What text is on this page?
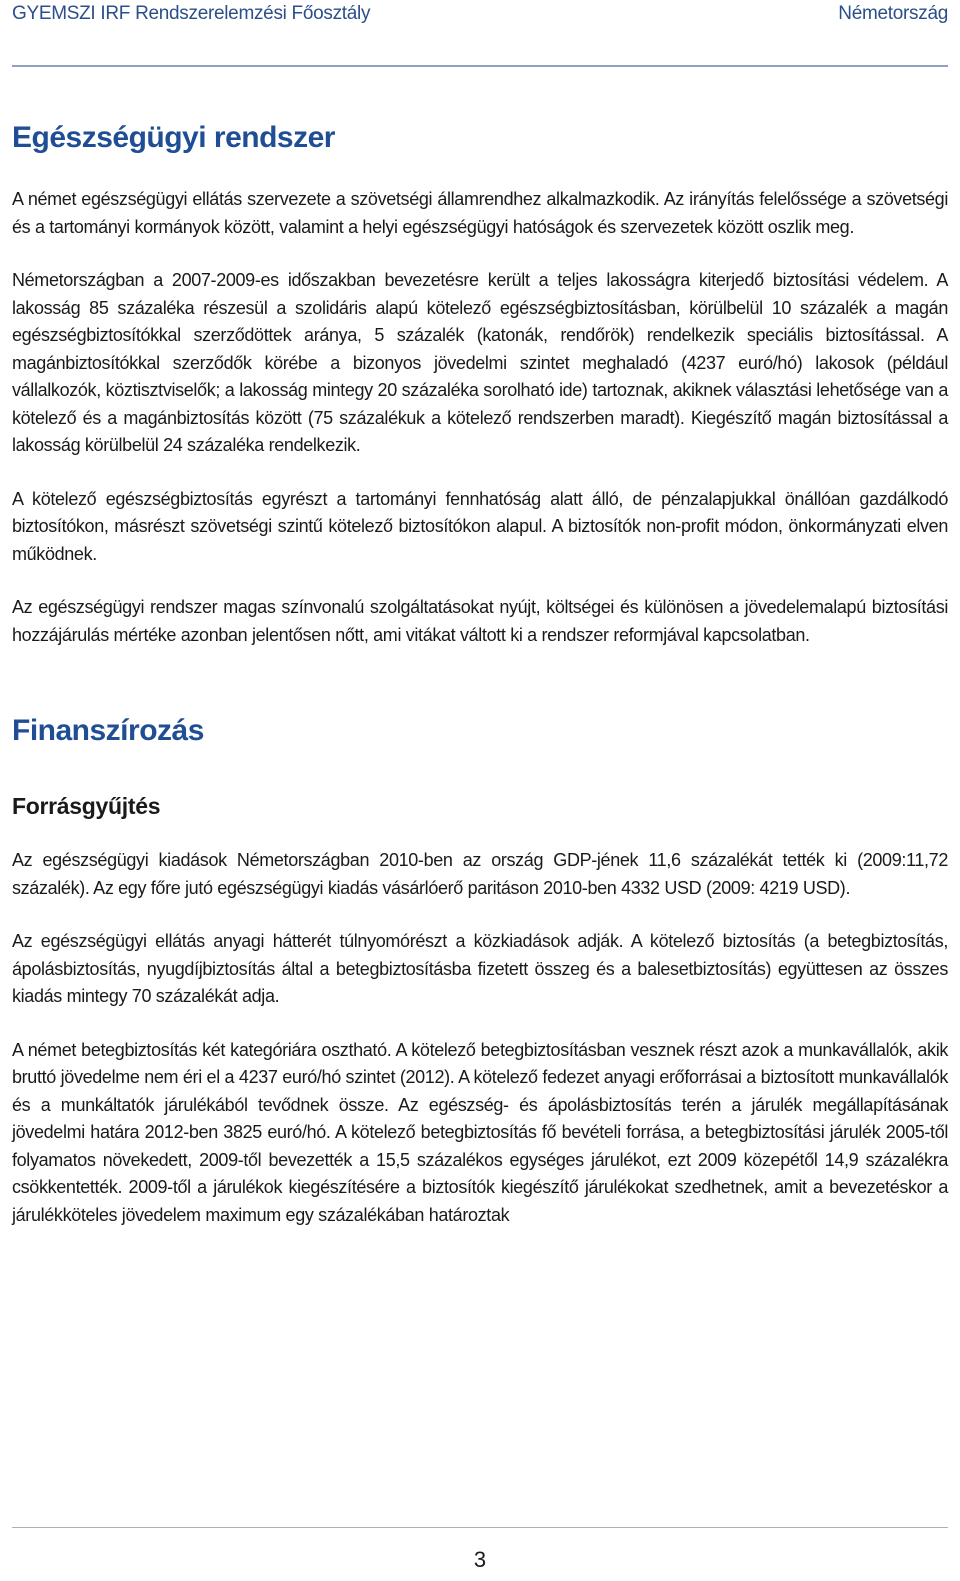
GYEMSZI IRF Rendszerelemzési Főosztály	Németország
Egészségügyi rendszer

A német egészségügyi ellátás szervezete a szövetségi államrendhez alkalmazkodik. Az irányítás felelőssége a szövetségi és a tartományi kormányok között, valamint a helyi egészségügyi hatóságok és szervezetek között oszlik meg.

Németországban a 2007-2009-es időszakban bevezetésre került a teljes lakosságra kiterjedő biztosítási védelem. A lakosság 85 százaléka részesül a szolidáris alapú kötelező egészségbiztosításban, körülbelül 10 százalék a magán egészségbiztosítókkal szerződöttek aránya, 5 százalék (katonák, rendőrök) rendelkezik speciális biztosítással. A magánbiztosítókkal szerződők körébe a bizonyos jövedelmi szintet meghaladó (4237 euró/hó) lakosok (például vállalkozók, köztisztviselők; a lakosság mintegy 20 százaléka sorolható ide) tartoznak, akiknek választási lehetősége van a kötelező és a magánbiztosítás között (75 százalékuk a kötelező rendszerben maradt). Kiegészítő magán biztosítással a lakosság körülbelül 24 százaléka rendelkezik.

A kötelező egészségbiztosítás egyrészt a tartományi fennhatóság alatt álló, de pénzalapjukkal önállóan gazdálkodó biztosítókon, másrészt szövetségi szintű kötelező biztosítókon alapul. A biztosítók non-profit módon, önkormányzati elven működnek.

Az egészségügyi rendszer magas színvonalú szolgáltatásokat nyújt, költségei és különösen a jövedelemalapú biztosítási hozzájárulás mértéke azonban jelentősen nőtt, ami vitákat váltott ki a rendszer reformjával kapcsolatban.

Finanszírozás
Forrásgyűjtés

Az egészségügyi kiadások Németországban 2010-ben az ország GDP-jének 11,6 százalékát tették ki (2009:11,72 százalék). Az egy főre jutó egészségügyi kiadás vásárlóerő paritáson 2010-ben 4332 USD (2009: 4219 USD).

Az egészségügyi ellátás anyagi hátterét túlnyomórészt a közkiadások adják. A kötelező biztosítás (a betegbiztosítás, ápolásbiztosítás, nyugdíjbiztosítás által a betegbiztosításba fizetett összeg és a balesetbiztosítás) együttesen az összes kiadás mintegy 70 százalékát adja.

A német betegbiztosítás két kategóriára osztható. A kötelező betegbiztosításban vesznek részt azok a munkavállalók, akik bruttó jövedelme nem éri el a 4237 euró/hó szintet (2012). A kötelező fedezet anyagi erőforrásai a biztosított munkavállalók és a munkáltatók járulékából tevődnek össze. Az egészség- és ápolásbiztosítás terén a járulék megállapításának jövedelmi határa 2012-ben 3825 euró/hó. A kötelező betegbiztosítás fő bevételi forrása, a betegbiztosítási járulék 2005-től folyamatos növekedett, 2009-től bevezették a 15,5 százalékos egységes járulékot, ezt 2009 közepétől 14,9 százalékra csökkentették. 2009-től a járulékok kiegészítésére a biztosítók kiegészítő járulékokat szedhetnek, amit a bevezetéskor a járulékköteles jövedelem maximum egy százalékában határoztak

3
